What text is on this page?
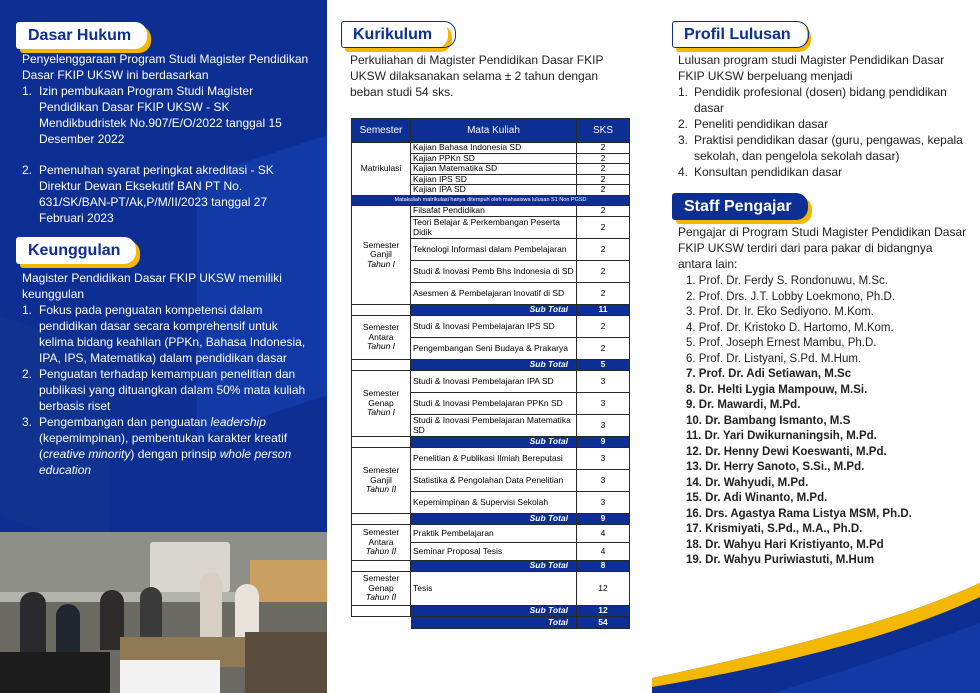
Dasar Hukum
Penyelenggaraan Program Studi Magister Pendidikan Dasar FKIP UKSW ini berdasarkan
1. Izin pembukaan Program Studi Magister Pendidikan Dasar FKIP UKSW - SK Mendikbudristek No.907/E/O/2022 tanggal 15 Desember 2022
2. Pemenuhan syarat peringkat akreditasi - SK Direktur Dewan Eksekutif BAN PT No. 631/SK/BAN-PT/Ak,P/M/II/2023 tanggal 27 Februari 2023
Keunggulan
Magister Pendidikan Dasar FKIP UKSW memiliki keunggulan
1. Fokus pada penguatan kompetensi dalam pendidikan dasar secara komprehensif untuk kelima bidang keahlian (PPKn, Bahasa Indonesia, IPA, IPS, Matematika) dalam pendidikan dasar
2. Penguatan terhadap kemampuan penelitian dan publikasi yang dituangkan dalam 50% mata kuliah berbasis riset
3. Pengembangan dan penguatan leadership (kepemimpinan), pembentukan karakter kreatif (creative minority) dengan prinsip whole person education
Kurikulum
Perkuliahan di Magister Pendidikan Dasar FKIP UKSW dilaksanakan selama ± 2 tahun dengan beban studi 54 sks.
Semester	Mata Kuliah	SKS
Matrikulasi	Kajian Bahasa Indonesia SD	2
	Kajian PPKn SD	2
	Kajian Matematika SD	2
	Kajian IPS SD	2
	Kajian IPA SD	2
Matakuliah matrikulasi hanya ditempuh oleh mahasiswa lulusan S1 Non PGSD		

Semester
Ganjil
Tahun I	Filsafat Pendidikan	2
	Teori Belajar & Perkembangan Peserta Didik	2
	Teknologi Informasi dalam Pembelajaran	2
	Studi & Inovasi Pemb Bhs Indonesia di SD	2
	Asesmen & Pembelajaran Inovatif di SD	2
	Sub Total	11

Semester
Antara
Tahun I	Studi & Inovasi Pembelajaran IPS SD	2
	Pengembangan Seni Budaya & Prakarya	2
	Sub Total	5

Semester
Genap
Tahun I	Studi & Inovasi Pembelajaran IPA SD	3
	Studi & Inovasi Pembelajaran PPKn SD	3
	Studi & Inovasi Pembelajaran Matematika SD	3
	Sub Total	9

Semester
Ganjil
Tahun II	Penelitian & Publikasi Ilmiah Bereputasi	3
	Statistika & Pengolahan Data Penelitian	3
	Kepemimpinan & Supervisi Sekolah	3
	Sub Total	9

Semester
Antara
Tahun II	Praktik Pembelajaran	4
	Seminar Proposal Tesis	4
	Sub Total	8

Semester
Genap
Tahun II	Tesis	12
	Sub Total	12
	Total	54
Profil Lulusan
Lulusan program studi Magister Pendidikan Dasar FKIP UKSW berpeluang menjadi
1. Pendidik profesional (dosen) bidang pendidikan dasar
2. Peneliti pendidikan dasar
3. Praktisi pendidikan dasar (guru, pengawas, kepala sekolah, dan pengelola sekolah dasar)
4. Konsultan pendidikan dasar
Staff Pengajar
Pengajar di Program Studi Magister Pendidikan Dasar FKIP UKSW terdiri dari para pakar di bidangnya antara lain:
1. Prof. Dr. Ferdy S. Rondonuwu, M.Sc.
2. Prof. Drs. J.T. Lobby Loekmono, Ph.D.
3. Prof. Dr. Ir. Eko Sediyono. M.Kom.
4. Prof. Dr. Kristoko D. Hartomo, M.Kom.
5. Prof. Joseph Ernest Mambu, Ph.D.
6. Prof. Dr. Listyani, S.Pd. M.Hum.
7. Prof. Dr. Adi Setiawan, M.Sc
8. Dr. Helti Lygia Mampouw, M.Si.
9. Dr. Mawardi, M.Pd.
10. Dr. Bambang Ismanto, M.S
11. Dr. Yari Dwikurnaningsih, M.Pd.
12. Dr. Henny Dewi Koeswanti, M.Pd.
13. Dr. Herry Sanoto, S.Si., M.Pd.
14. Dr. Wahyudi, M.Pd.
15. Dr. Adi Winanto, M.Pd.
16. Drs. Agastya Rama Listya MSM, Ph.D.
17. Krismiyati, S.Pd., M.A., Ph.D.
18. Dr. Wahyu Hari Kristiyanto, M.Pd
19. Dr. Wahyu Puriwiastuti, M.Hum
